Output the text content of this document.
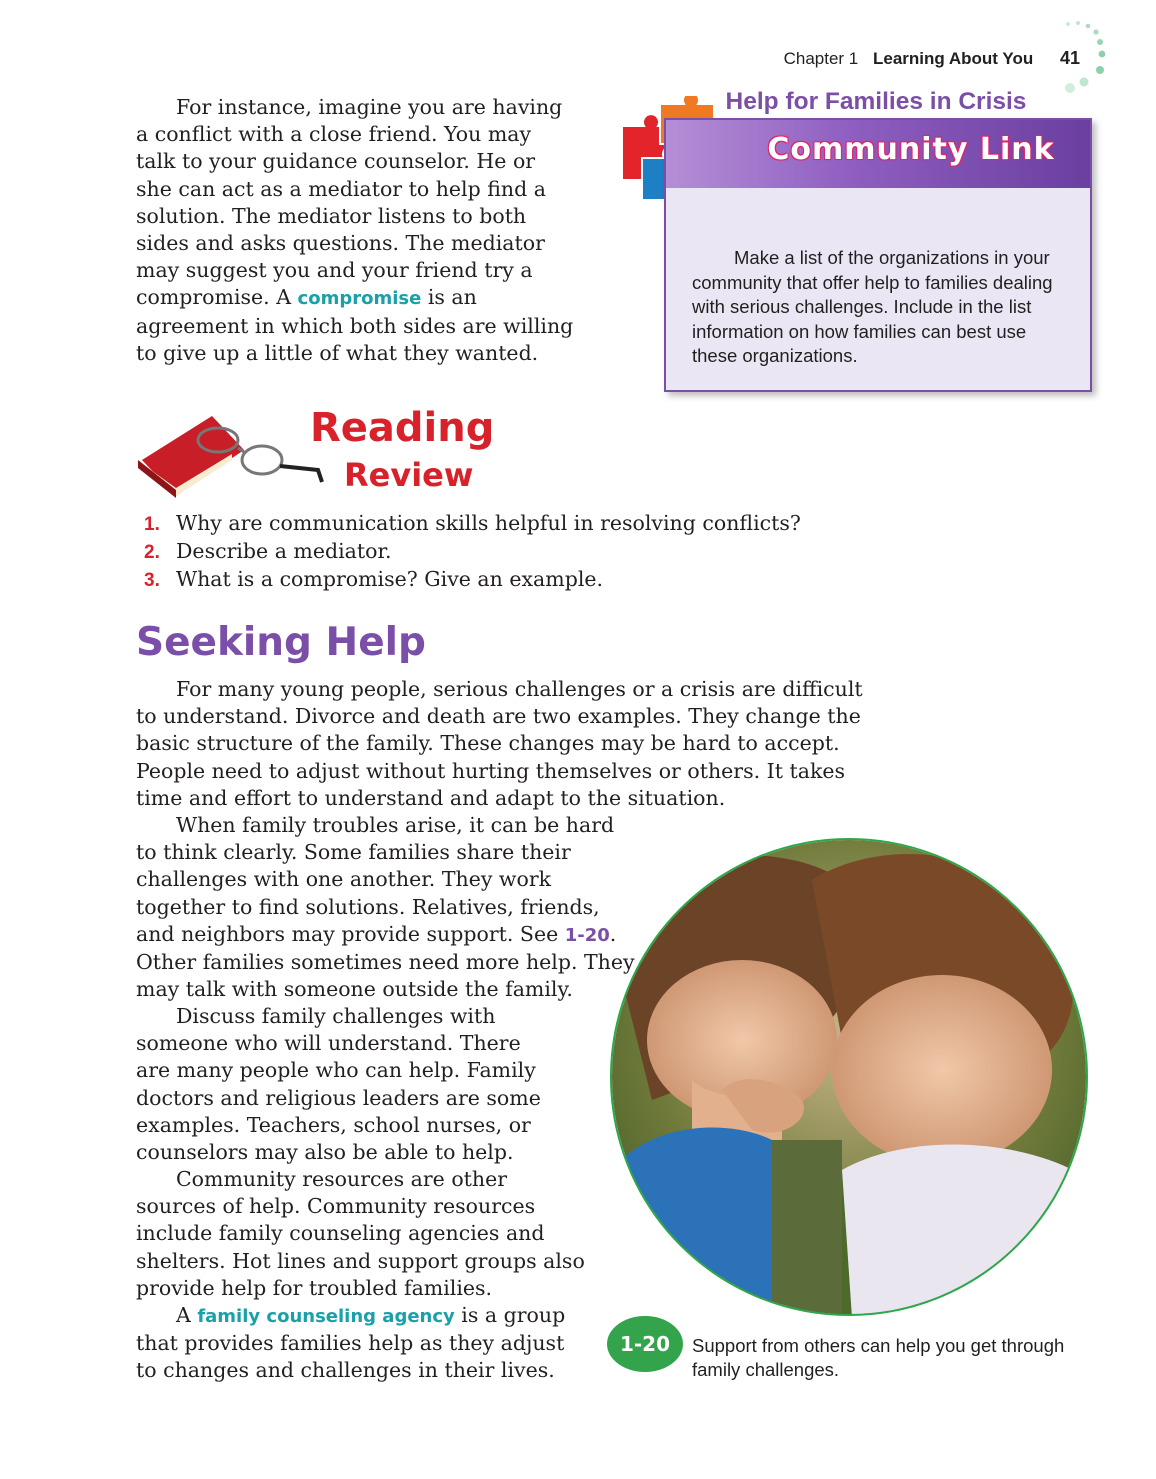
Chapter 1 Learning About You 41

For instance, imagine you are having a conflict with a close friend. You may talk to your guidance counselor. He or she can act as a mediator to help find a solution. The mediator listens to both sides and asks questions. The mediator may suggest you and your friend try a compromise. A compromise is an agreement in which both sides are willing to give up a little of what they wanted.

Community Link
Help for Families in Crisis

Make a list of the organizations in your community that offer help to families dealing with serious challenges. Include in the list information on how families can best use these organizations.

Reading
Review
1. Why are communication skills helpful in resolving conflicts?
2. Describe a mediator.
3. What is a compromise? Give an example.
Seeking Help

For many young people, serious challenges or a crisis are difficult to understand. Divorce and death are two examples. They change the basic structure of the family. These changes may be hard to accept. People need to adjust without hurting themselves or others. It takes time and effort to understand and adapt to the situation.

When family troubles arise, it can be hard to think clearly. Some families share their challenges with one another. They work together to find solutions. Relatives, friends, and neighbors may provide support. See 1-20. Other families sometimes need more help. They may talk with someone outside the family.

Discuss family challenges with someone who will understand. There are many people who can help. Family doctors and religious leaders are some examples. Teachers, school nurses, or counselors may also be able to help.

Community resources are other sources of help. Community resources include family counseling agencies and shelters. Hot lines and support groups also provide help for troubled families.

A family counseling agency is a group that provides families help as they adjust to changes and challenges in their lives.

1-20	Support from others can help you get through family challenges.
